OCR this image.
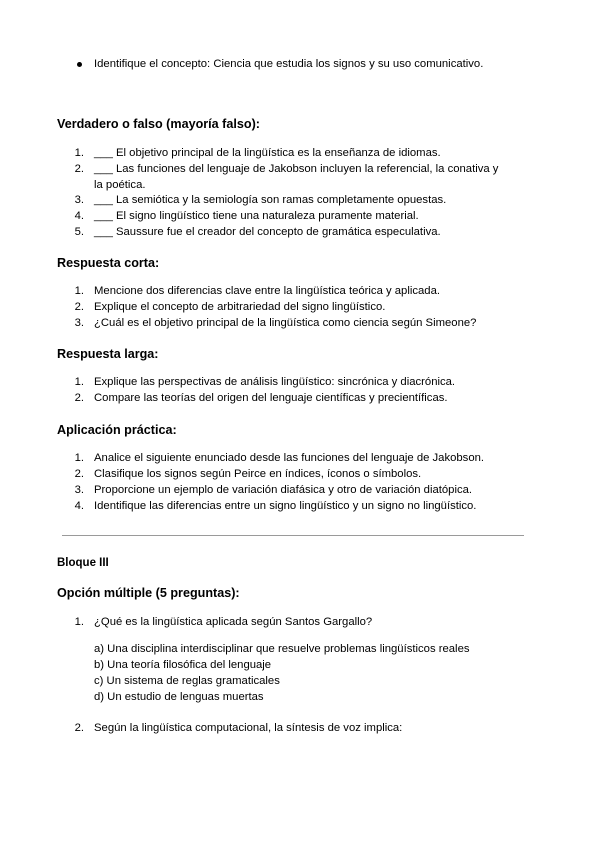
Identifique el concepto: Ciencia que estudia los signos y su uso comunicativo.
Verdadero o falso (mayoría falso):
1. ___ El objetivo principal de la lingüística es la enseñanza de idiomas.
2. ___ Las funciones del lenguaje de Jakobson incluyen la referencial, la conativa y
la poética.
3. ___ La semiótica y la semiología son ramas completamente opuestas.
4. ___ El signo lingüístico tiene una naturaleza puramente material.
5. ___ Saussure fue el creador del concepto de gramática especulativa.
Respuesta corta:
1. Mencione dos diferencias clave entre la lingüística teórica y aplicada.
2. Explique el concepto de arbitrariedad del signo lingüístico.
3. ¿Cuál es el objetivo principal de la lingüística como ciencia según Simeone?
Respuesta larga:
1. Explique las perspectivas de análisis lingüístico: sincrónica y diacrónica.
2. Compare las teorías del origen del lenguaje científicas y precientíficas.
Aplicación práctica:
1. Analice el siguiente enunciado desde las funciones del lenguaje de Jakobson.
2. Clasifique los signos según Peirce en índices, íconos o símbolos.
3. Proporcione un ejemplo de variación diafásica y otro de variación diatópica.
4. Identifique las diferencias entre un signo lingüístico y un signo no lingüístico.
Bloque III
Opción múltiple (5 preguntas):
1. ¿Qué es la lingüística aplicada según Santos Gargallo?
a) Una disciplina interdisciplinar que resuelve problemas lingüísticos reales
b) Una teoría filosófica del lenguaje
c) Un sistema de reglas gramaticales
d) Un estudio de lenguas muertas
2. Según la lingüística computacional, la síntesis de voz implica:
